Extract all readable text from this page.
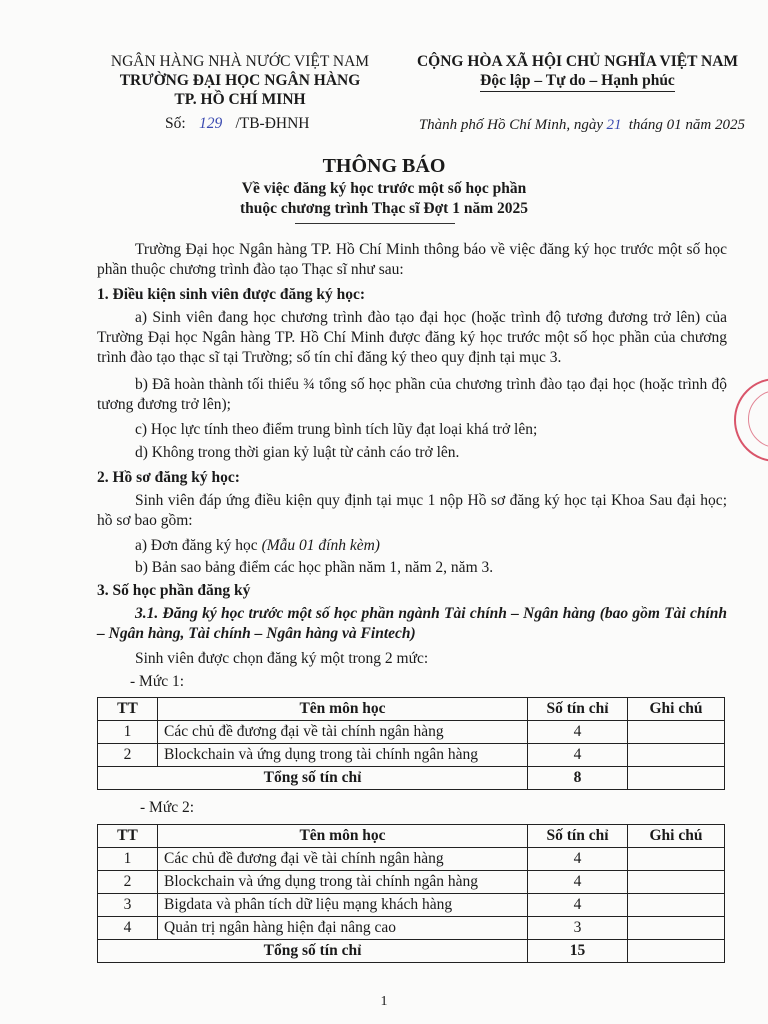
NGÂN HÀNG NHÀ NƯỚC VIỆT NAM
TRƯỜNG ĐẠI HỌC NGÂN HÀNG
TP. HỒ CHÍ MINH
CỘNG HÒA XÃ HỘI CHỦ NGHĨA VIỆT NAM
Độc lập – Tự do – Hạnh phúc
Số: 129 /TB-ĐHNH	Thành phố Hồ Chí Minh, ngày 21 tháng 01 năm 2025
THÔNG BÁO
Về việc đăng ký học trước một số học phần
thuộc chương trình Thạc sĩ Đợt 1 năm 2025
Trường Đại học Ngân hàng TP. Hồ Chí Minh thông báo về việc đăng ký học trước một số học phần thuộc chương trình đào tạo Thạc sĩ như sau:
1. Điều kiện sinh viên được đăng ký học:
a) Sinh viên đang học chương trình đào tạo đại học (hoặc trình độ tương đương trở lên) của Trường Đại học Ngân hàng TP. Hồ Chí Minh được đăng ký học trước một số học phần của chương trình đào tạo thạc sĩ tại Trường; số tín chỉ đăng ký theo quy định tại mục 3.
b) Đã hoàn thành tối thiểu ¾ tổng số học phần của chương trình đào tạo đại học (hoặc trình độ tương đương trở lên);
c) Học lực tính theo điểm trung bình tích lũy đạt loại khá trở lên;
d) Không trong thời gian kỷ luật từ cảnh cáo trở lên.
2. Hồ sơ đăng ký học:
Sinh viên đáp ứng điều kiện quy định tại mục 1 nộp Hồ sơ đăng ký học tại Khoa Sau đại học; hồ sơ bao gồm:
a) Đơn đăng ký học (Mẫu 01 đính kèm)
b) Bản sao bảng điểm các học phần năm 1, năm 2, năm 3.
3. Số học phần đăng ký
3.1. Đăng ký học trước một số học phần ngành Tài chính – Ngân hàng (bao gồm Tài chính – Ngân hàng, Tài chính – Ngân hàng và Fintech)
Sinh viên được chọn đăng ký một trong 2 mức:
- Mức 1:
TT	Tên môn học	Số tín chỉ	Ghi chú
1	Các chủ đề đương đại về tài chính ngân hàng	4	
2	Blockchain và ứng dụng trong tài chính ngân hàng	4	
Tổng số tín chỉ		8	
- Mức 2:
TT	Tên môn học	Số tín chỉ	Ghi chú
1	Các chủ đề đương đại về tài chính ngân hàng	4	
2	Blockchain và ứng dụng trong tài chính ngân hàng	4	
3	Bigdata và phân tích dữ liệu mạng khách hàng	4	
4	Quản trị ngân hàng hiện đại nâng cao	3	
Tổng số tín chỉ		15	
1
